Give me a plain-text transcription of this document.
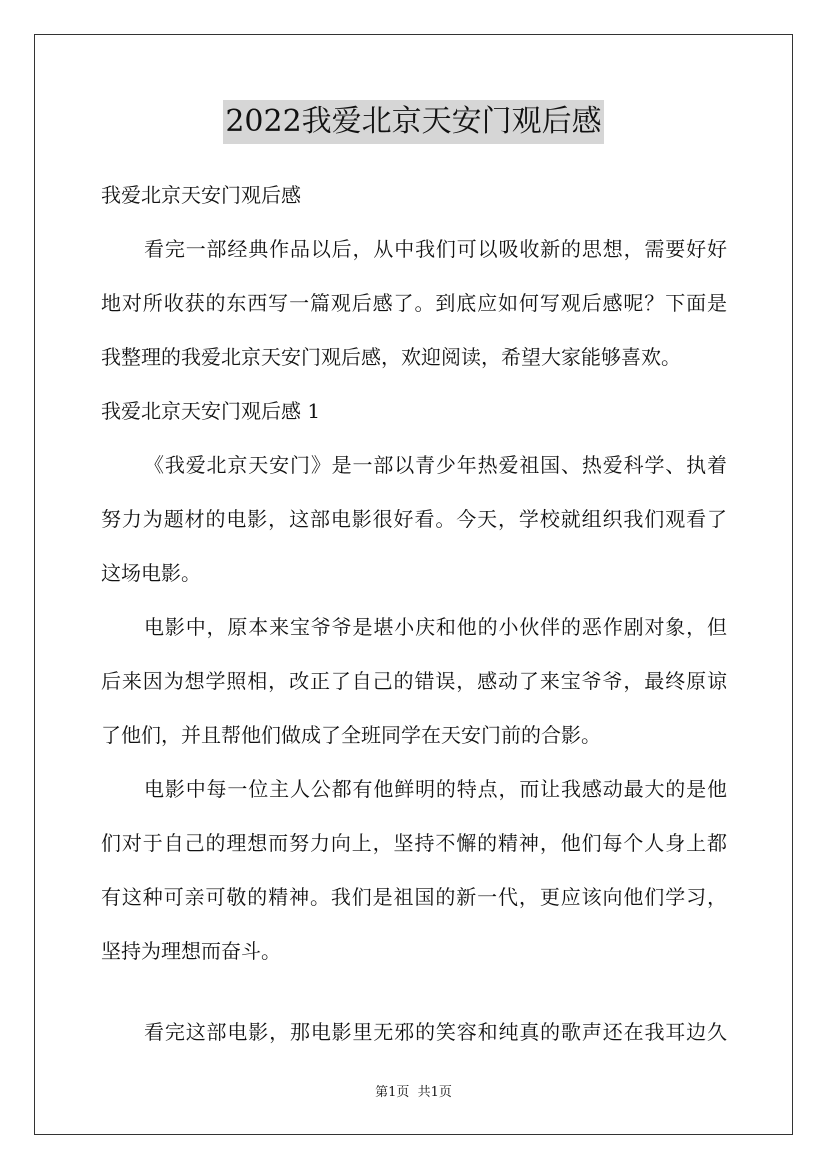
2022我爱北京天安门观后感
我爱北京天安门观后感
看完一部经典作品以后，从中我们可以吸收新的思想，需要好好
地对所收获的东西写一篇观后感了。到底应如何写观后感呢？下面是
我整理的我爱北京天安门观后感，欢迎阅读，希望大家能够喜欢。
我爱北京天安门观后感 1
《我爱北京天安门》是一部以青少年热爱祖国、热爱科学、执着
努力为题材的电影，这部电影很好看。今天，学校就组织我们观看了
这场电影。
电影中，原本来宝爷爷是堪小庆和他的小伙伴的恶作剧对象，但
后来因为想学照相，改正了自己的错误，感动了来宝爷爷，最终原谅
了他们，并且帮他们做成了全班同学在天安门前的合影。
电影中每一位主人公都有他鲜明的特点，而让我感动最大的是他
们对于自己的理想而努力向上，坚持不懈的精神，他们每个人身上都
有这种可亲可敬的精神。我们是祖国的新一代，更应该向他们学习，
坚持为理想而奋斗。
看完这部电影，那电影里无邪的笑容和纯真的歌声还在我耳边久
第1页  共1页
